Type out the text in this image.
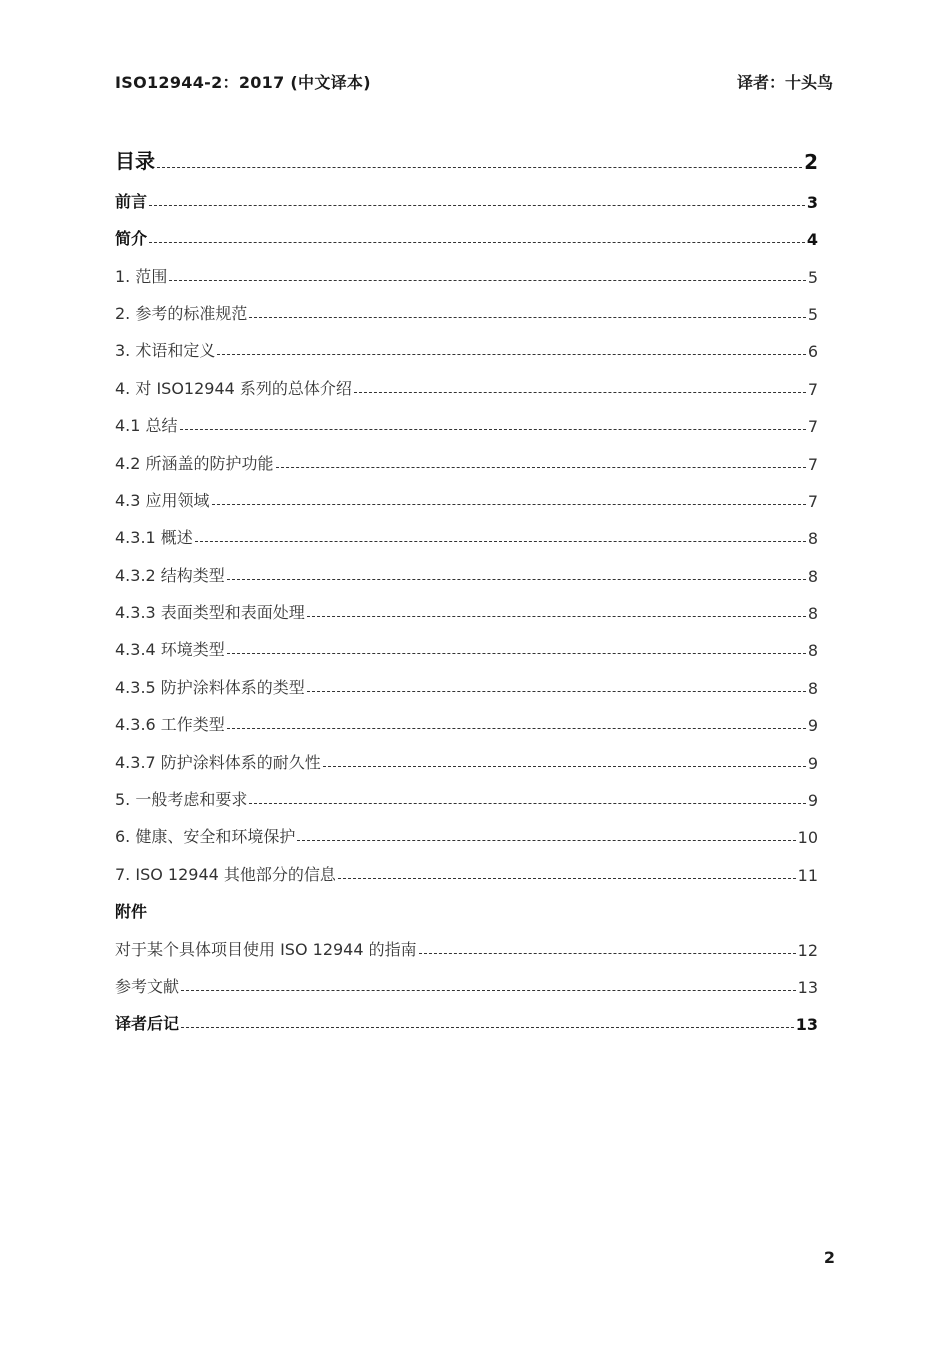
ISO12944-2：2017 (中文译本)	译者：十头鸟
目录	2
前言	3
简介	4
1. 范围	5
2. 参考的标准规范	5
3. 术语和定义	6
4. 对 ISO12944 系列的总体介绍	7
4.1 总结	7
4.2 所涵盖的防护功能	7
4.3 应用领域	7
4.3.1 概述	8
4.3.2 结构类型	8
4.3.3 表面类型和表面处理	8
4.3.4 环境类型	8
4.3.5 防护涂料体系的类型	8
4.3.6 工作类型	9
4.3.7 防护涂料体系的耐久性	9
5. 一般考虑和要求	9
6. 健康、安全和环境保护	10
7. ISO 12944 其他部分的信息	11
附件
对于某个具体项目使用 ISO 12944 的指南	12
参考文献	13
译者后记	13
2
